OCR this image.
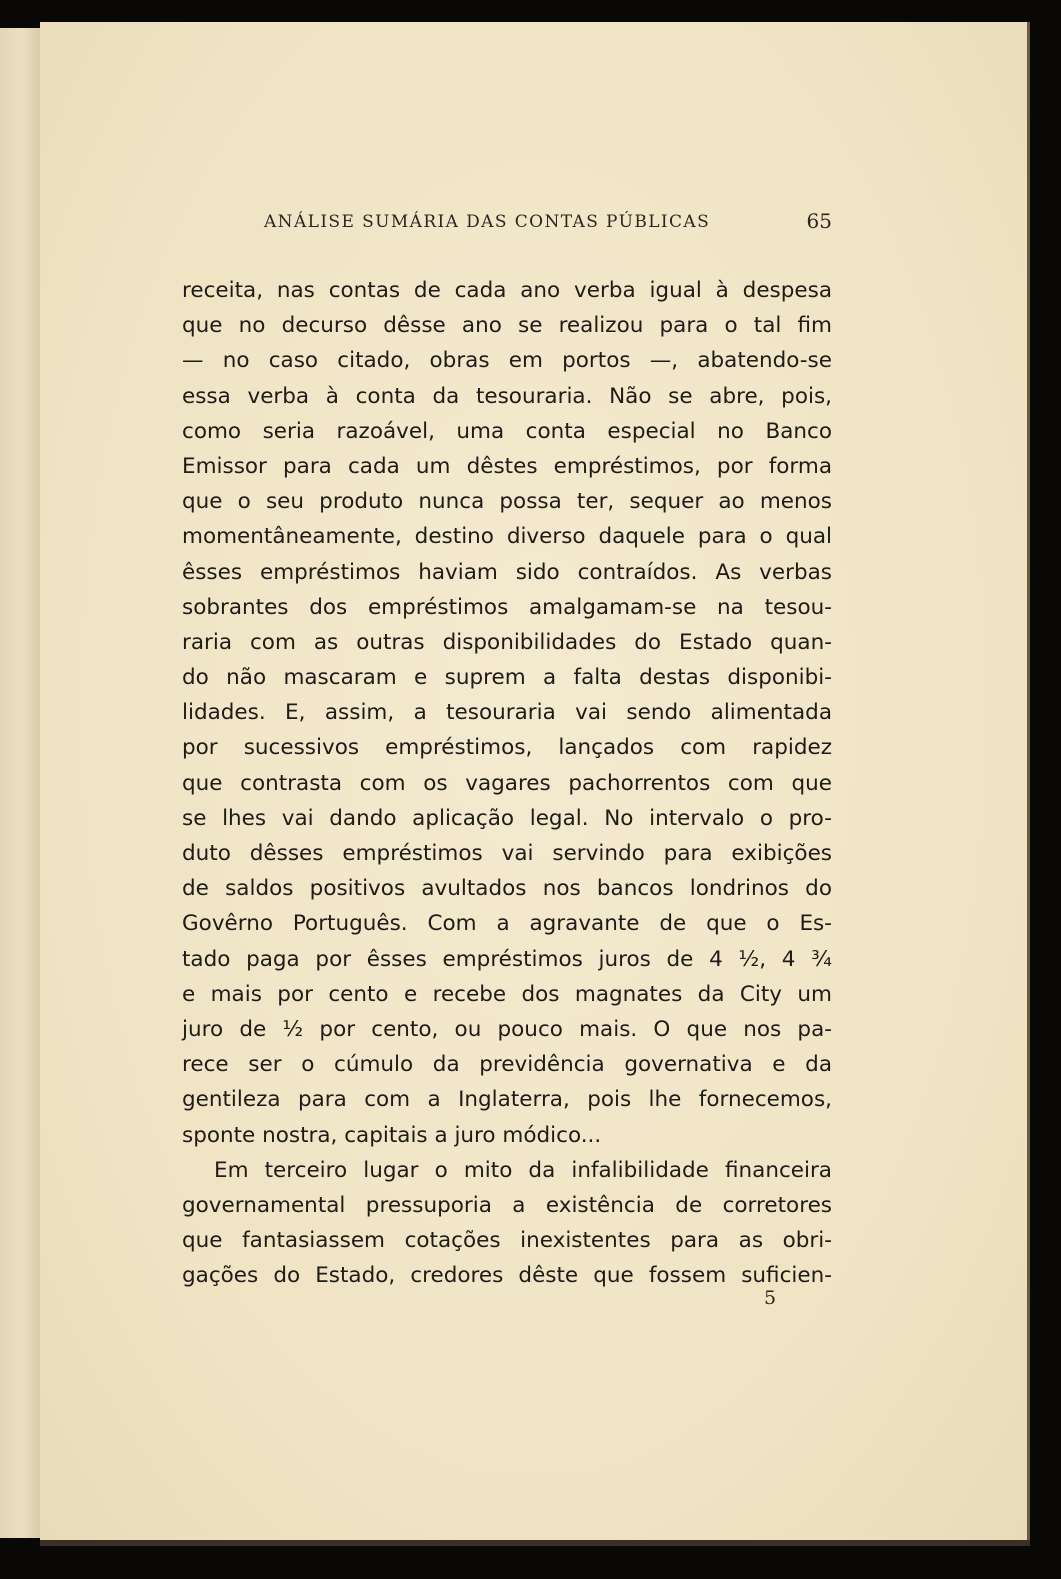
ANÁLISE SUMÁRIA DAS CONTAS PÚBLICAS	65
receita, nas contas de cada ano verba igual à despesa
que no decurso dêsse ano se realizou para o tal fim
— no caso citado, obras em portos —, abatendo-se
essa verba à conta da tesouraria. Não se abre, pois,
como seria razoável, uma conta especial no Banco
Emissor para cada um dêstes empréstimos, por forma
que o seu produto nunca possa ter, sequer ao menos
momentâneamente, destino diverso daquele para o qual
êsses empréstimos haviam sido contraídos. As verbas
sobrantes dos empréstimos amalgamam-se na tesou-
raria com as outras disponibilidades do Estado quan-
do não mascaram e suprem a falta destas disponibi-
lidades. E, assim, a tesouraria vai sendo alimentada
por sucessivos empréstimos, lançados com rapidez
que contrasta com os vagares pachorrentos com que
se lhes vai dando aplicação legal. No intervalo o pro-
duto dêsses empréstimos vai servindo para exibições
de saldos positivos avultados nos bancos londrinos do
Govêrno Português. Com a agravante de que o Es-
tado paga por êsses empréstimos juros de 4 ½, 4 ¾
e mais por cento e recebe dos magnates da City um
juro de ½ por cento, ou pouco mais. O que nos pa-
rece ser o cúmulo da previdência governativa e da
gentileza para com a Inglaterra, pois lhe fornecemos,
sponte nostra, capitais a juro módico...
Em terceiro lugar o mito da infalibilidade financeira
governamental pressuporia a existência de corretores
que fantasiassem cotações inexistentes para as obri-
gações do Estado, credores dêste que fossem suficien-
5
